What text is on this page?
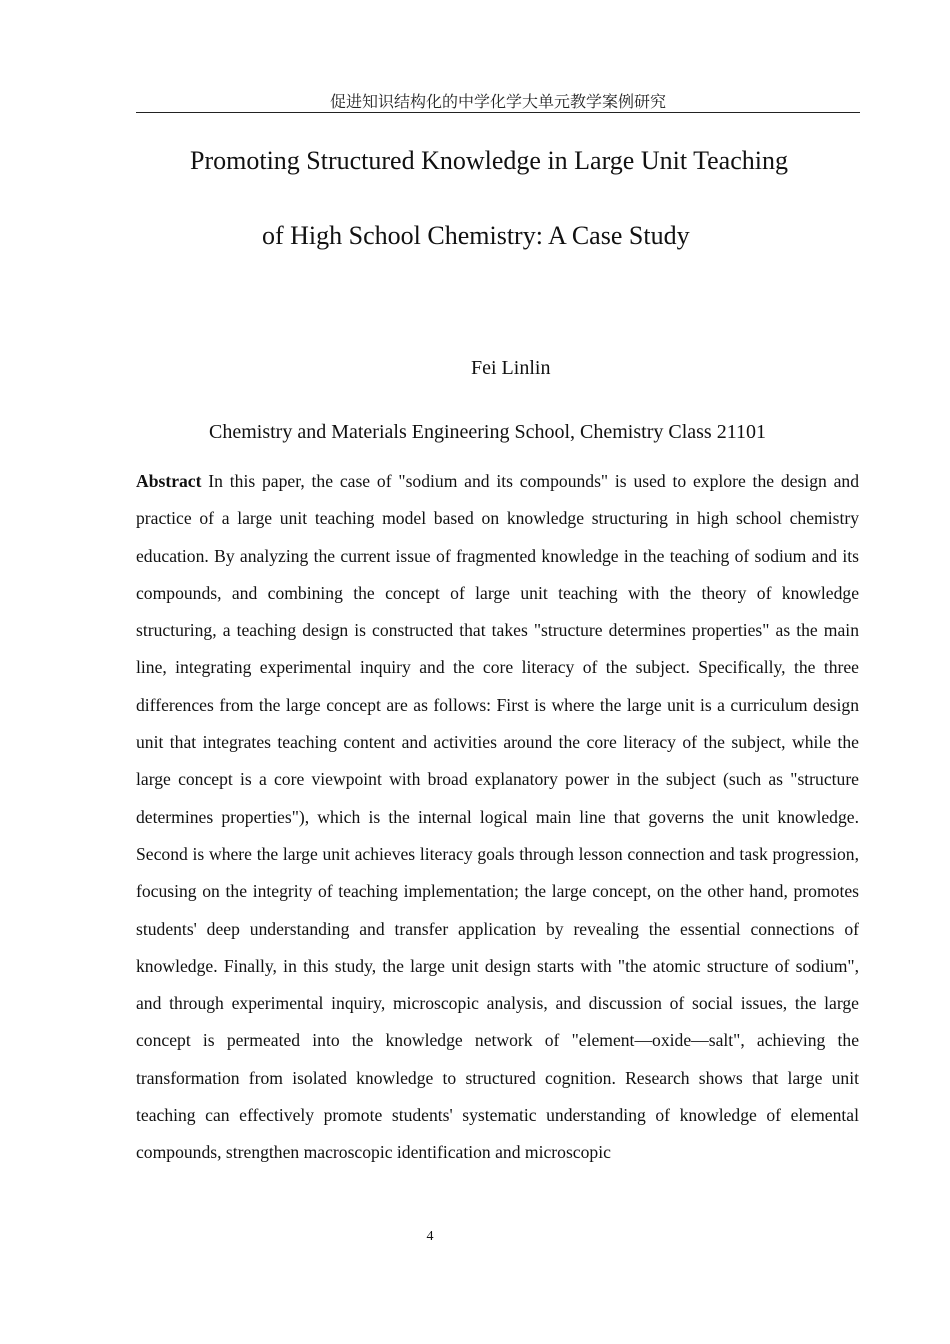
促进知识结构化的中学化学大单元教学案例研究
Promoting Structured Knowledge in Large Unit Teaching
of High School Chemistry: A Case Study
Fei Linlin
Chemistry and Materials Engineering School, Chemistry Class 21101

Abstract In this paper, the case of "sodium and its compounds" is used to explore the design and practice of a large unit teaching model based on knowledge structuring in high school chemistry education. By analyzing the current issue of fragmented knowledge in the teaching of sodium and its compounds, and combining the concept of large unit teaching with the theory of knowledge structuring, a teaching design is constructed that takes "structure determines properties" as the main line, integrating experimental inquiry and the core literacy of the subject. Specifically, the three differences from the large concept are as follows: First is where the large unit is a curriculum design unit that integrates teaching content and activities around the core literacy of the subject, while the large concept is a core viewpoint with broad explanatory power in the subject (such as "structure determines properties"), which is the internal logical main line that governs the unit knowledge. Second is where the large unit achieves literacy goals through lesson connection and task progression, focusing on the integrity of teaching implementation; the large concept, on the other hand, promotes students' deep understanding and transfer application by revealing the essential connections of knowledge. Finally, in this study, the large unit design starts with "the atomic structure of sodium", and through experimental inquiry, microscopic analysis, and discussion of social issues, the large concept is permeated into the knowledge network of "element—oxide—salt", achieving the transformation from isolated knowledge to structured cognition. Research shows that large unit teaching can effectively promote students' systematic understanding of knowledge of elemental compounds, strengthen macroscopic identification and microscopic

4
